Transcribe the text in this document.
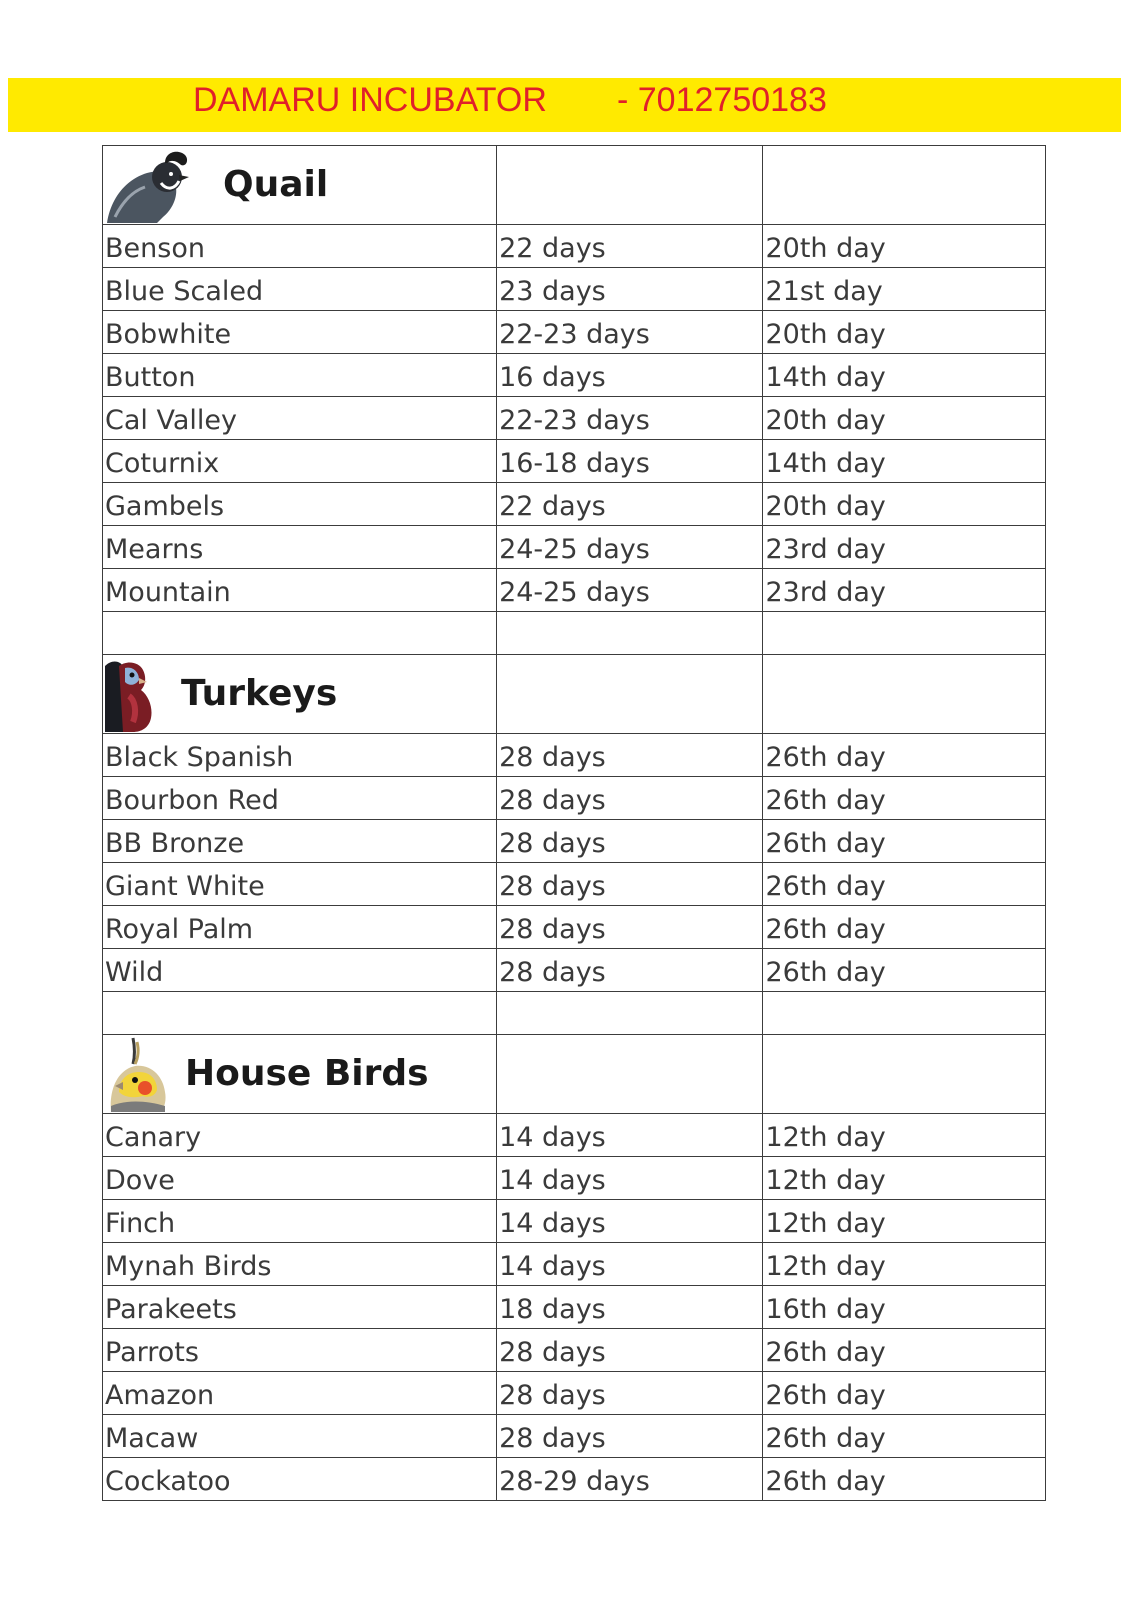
DAMARU INCUBATOR - 7012750183
Quail		

Benson	22 days	20th day
Blue Scaled	23 days	21st day
Bobwhite	22-23 days	20th day
Button	16 days	14th day
Cal Valley	22-23 days	20th day
Coturnix	16-18 days	14th day
Gambels	22 days	20th day
Mearns	24-25 days	23rd day
Mountain	24-25 days	23rd day

Turkeys		

Black Spanish	28 days	26th day
Bourbon Red	28 days	26th day
BB Bronze	28 days	26th day
Giant White	28 days	26th day
Royal Palm	28 days	26th day
Wild	28 days	26th day

House Birds		

Canary	14 days	12th day
Dove	14 days	12th day
Finch	14 days	12th day
Mynah Birds	14 days	12th day
Parakeets	18 days	16th day
Parrots	28 days	26th day
Amazon	28 days	26th day
Macaw	28 days	26th day
Cockatoo	28-29 days	26th day
